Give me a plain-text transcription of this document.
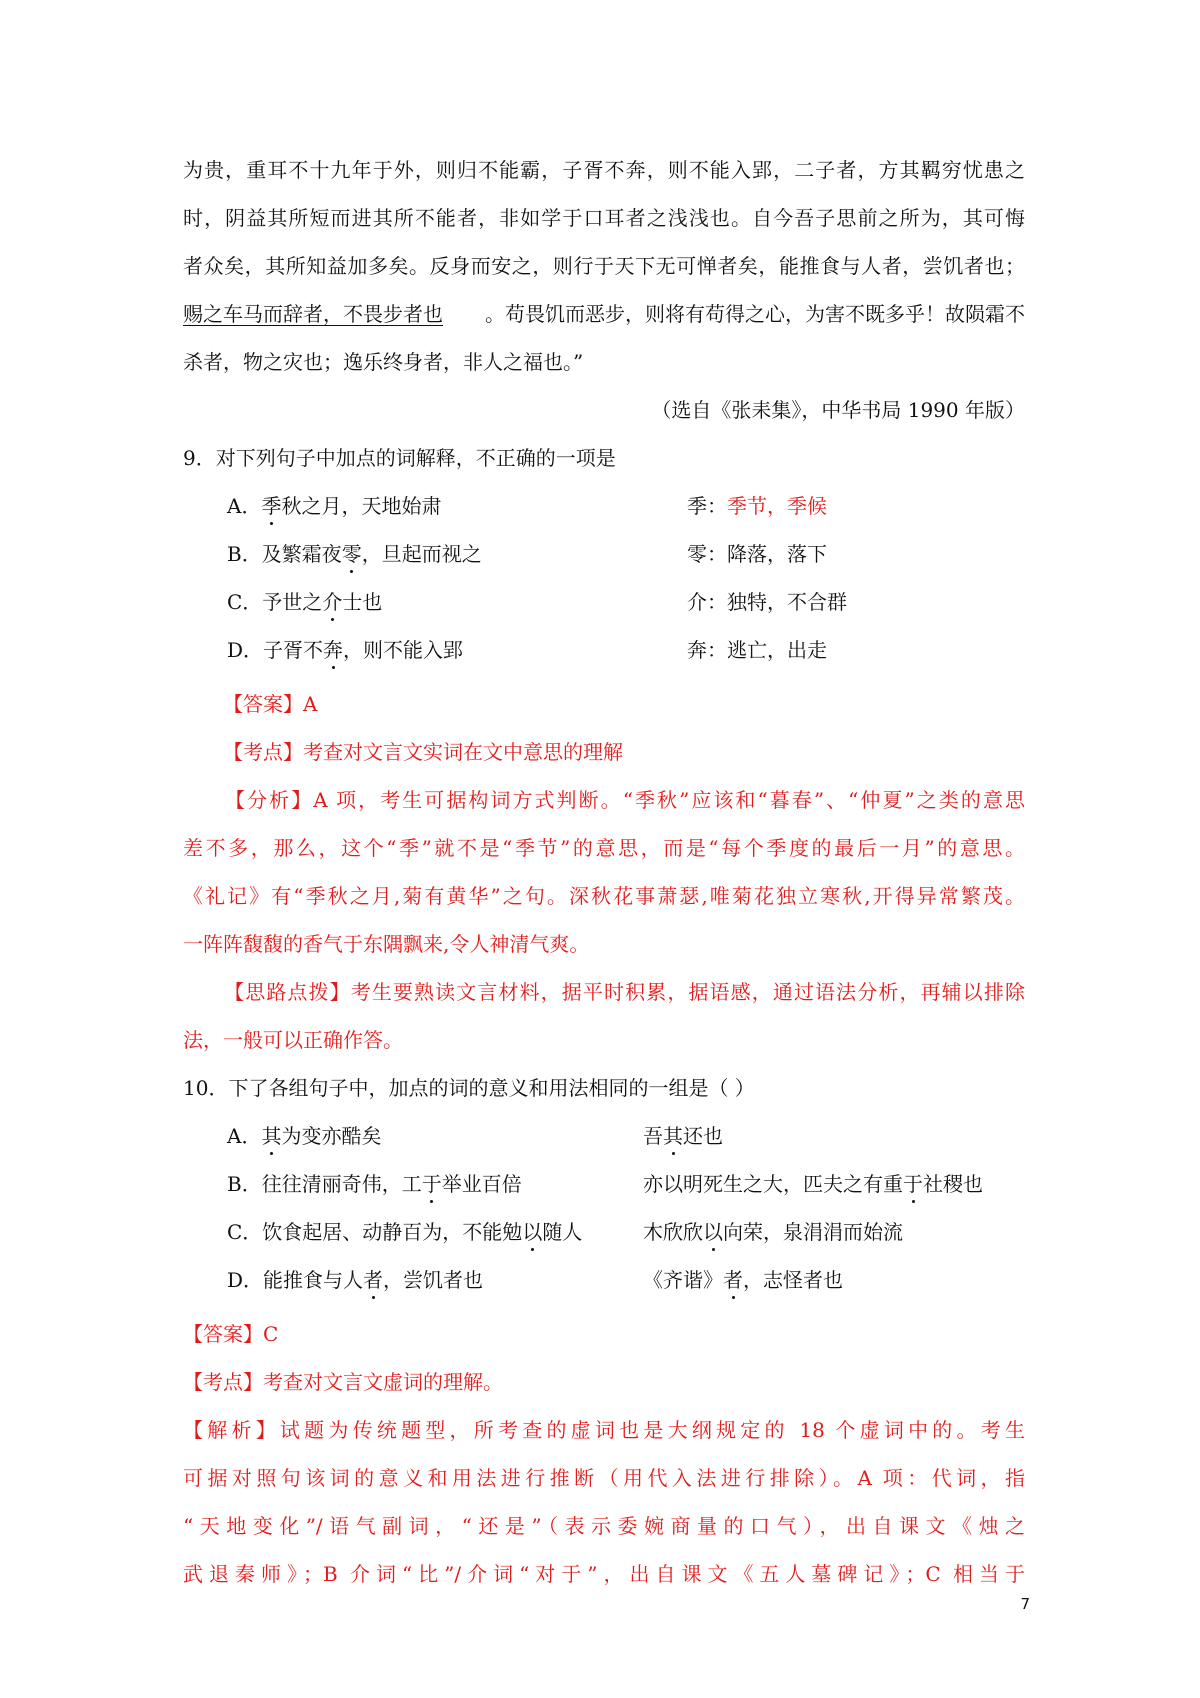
为贵，重耳不十九年于外，则归不能霸，子胥不奔，则不能入郢，二子者，方其羁穷忧患之
时，阴益其所短而进其所不能者，非如学于口耳者之浅浅也。自今吾子思前之所为，其可悔
者众矣，其所知益加多矣。反身而安之，则行于天下无可惮者矣，能推食与人者，尝饥者也；
赐之车马而辞者，不畏步者也 。苟畏饥而恶步，则将有苟得之心，为害不既多乎！故陨霜不
杀者，物之灾也；逸乐终身者，非人之福也。”
（选自《张耒集》，中华书局 1990 年版）
9．对下列句子中加点的词解释，不正确的一项是
A．季秋之月，天地始肃	季：季节，季候
B．及繁霜夜零，旦起而视之	零：降落，落下
C．予世之介士也	介：独特，不合群
D．子胥不奔，则不能入郢	奔：逃亡，出走
【答案】A
【考点】考查对文言文实词在文中意思的理解
【分析】A 项，考生可据构词方式判断。“季秋”应该和“暮春”、“仲夏”之类的意思
差不多，那么，这个“季”就不是“季节”的意思，而是“每个季度的最后一月”的意思。
《礼记》有“季秋之月,菊有黄华”之句。深秋花事萧瑟,唯菊花独立寒秋,开得异常繁茂。
一阵阵馥馥的香气于东隅飘来,令人神清气爽。
【思路点拨】考生要熟读文言材料，据平时积累，据语感，通过语法分析，再辅以排除
法，一般可以正确作答。
10．下了各组句子中，加点的词的意义和用法相同的一组是（ ）
A．其为变亦酷矣	吾其还也
B．往往清丽奇伟，工于举业百倍	亦以明死生之大，匹夫之有重于社稷也
C．饮食起居、动静百为，不能勉以随人	木欣欣以向荣，泉涓涓而始流
D．能推食与人者，尝饥者也	《齐谐》者，志怪者也
【答案】C
【考点】考查对文言文虚词的理解。
【解析】试题为传统题型，所考查的虚词也是大纲规定的 18 个虚词中的。考生
可据对照句该词的意义和用法进行推断（用代入法进行排除）。A 项：代词，指
“天地变化”/语气副词，“还是”（表示委婉商量的口气），出自课文《烛之
武退秦师》；B 介词“比”/介词“对于”，出自课文《五人墓碑记》；C 相当于
7
